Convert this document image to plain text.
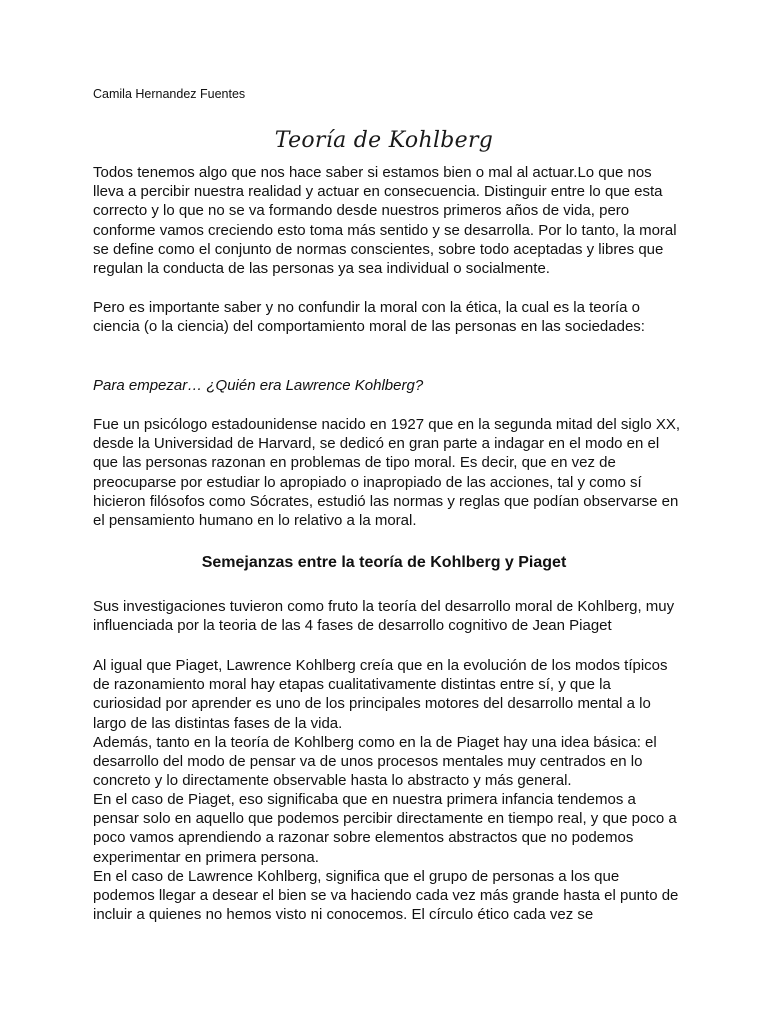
Camila Hernandez Fuentes
Teoría de Kohlberg

Todos tenemos algo que nos hace saber si estamos bien o mal al actuar.Lo que nos lleva a percibir nuestra realidad y actuar en consecuencia. Distinguir entre lo que esta correcto y lo que no se va formando desde nuestros primeros años de vida, pero conforme vamos creciendo esto toma más sentido y se desarrolla. Por lo tanto, la moral se define como el conjunto de normas conscientes, sobre todo aceptadas y libres que regulan la conducta de las personas ya sea individual o socialmente.

Pero es importante saber y no confundir la moral con la ética, la cual es la teoría o ciencia (o la ciencia) del comportamiento moral de las personas en las sociedades:

Para empezar… ¿Quién era Lawrence Kohlberg?

Fue un psicólogo estadounidense nacido en 1927 que en la segunda mitad del siglo XX, desde la Universidad de Harvard, se dedicó en gran parte a indagar en el modo en el que las personas razonan en problemas de tipo moral. Es decir, que en vez de preocuparse por estudiar lo apropiado o inapropiado de las acciones, tal y como sí hicieron filósofos como Sócrates, estudió las normas y reglas que podían observarse en el pensamiento humano en lo relativo a la moral.

Semejanzas entre la teoría de Kohlberg y Piaget

Sus investigaciones tuvieron como fruto la teoría del desarrollo moral de Kohlberg, muy influenciada por la teoria de las 4 fases de desarrollo cognitivo de Jean Piaget

Al igual que Piaget, Lawrence Kohlberg creía que en la evolución de los modos típicos de razonamiento moral hay etapas cualitativamente distintas entre sí, y que la curiosidad por aprender es uno de los principales motores del desarrollo mental a lo largo de las distintas fases de la vida.

Además, tanto en la teoría de Kohlberg como en la de Piaget hay una idea básica: el desarrollo del modo de pensar va de unos procesos mentales muy centrados en lo concreto y lo directamente observable hasta lo abstracto y más general.

En el caso de Piaget, eso significaba que en nuestra primera infancia tendemos a pensar solo en aquello que podemos percibir directamente en tiempo real, y que poco a poco vamos aprendiendo a razonar sobre elementos abstractos que no podemos experimentar en primera persona.

En el caso de Lawrence Kohlberg, significa que el grupo de personas a los que podemos llegar a desear el bien se va haciendo cada vez más grande hasta el punto de incluir a quienes no hemos visto ni conocemos. El círculo ético cada vez se
